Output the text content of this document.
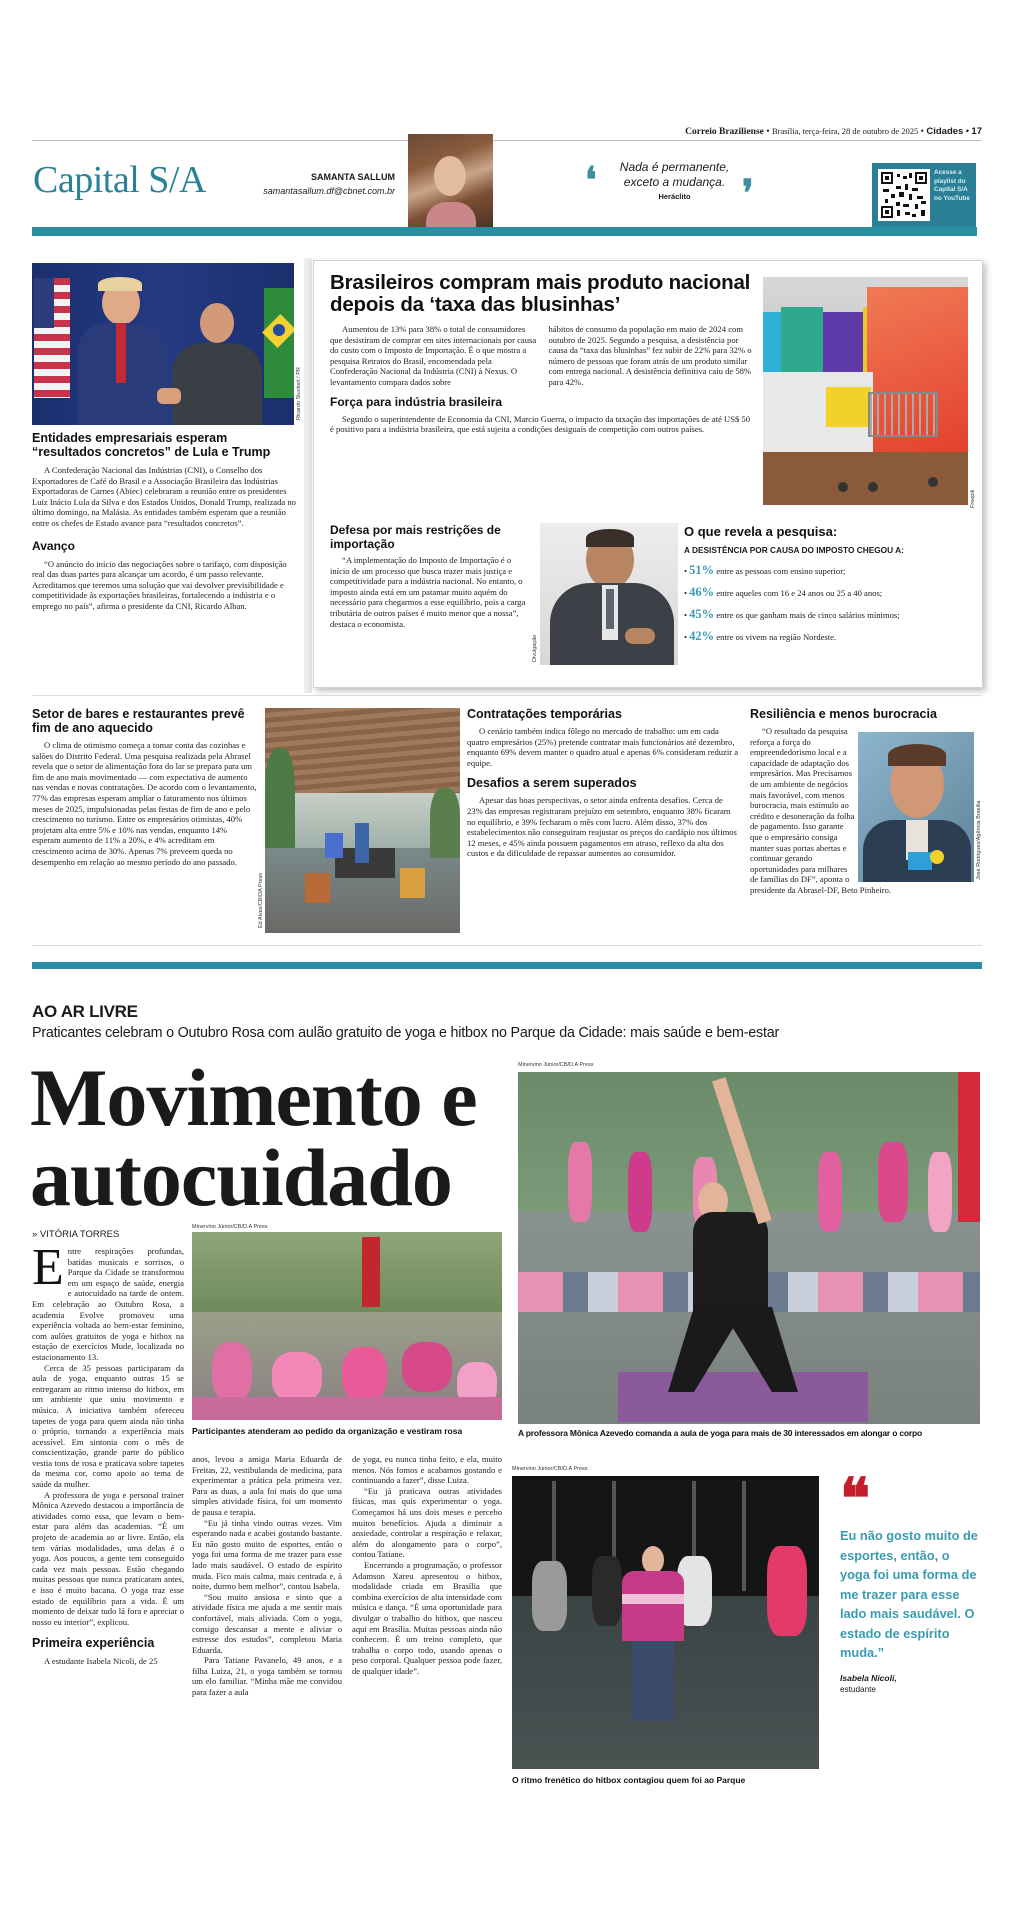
Correio Braziliense • Brasília, terça-feira, 28 de outubro de 2025 • Cidades • 17
Capital S/A	SAMANTA SALLUM
samantasallum.df@cbnet.com.br	❛ Nada é permanente,
exceto a mudança.
Heráclito ❜	Acesse a playlist do Capital S/A no YouTube
Ricardo Stuckert / PR
Entidades empresariais esperam “resultados concretos” de Lula e Trump

A Confederação Nacional das Indústrias (CNI), o Conselho dos Exportadores de Café do Brasil e a Associação Brasileira das Indústrias Exportadoras de Carnes (Abiec) celebraram a reunião entre os presidentes Luiz Inácio Lula da Silva e dos Estados Unidos, Donald Trump, realizada no último domingo, na Malásia. As entidades também esperam que a reunião entre os chefes de Estado avance para “resultados concretos”.

Avanço

“O anúncio do início das negociações sobre o tarifaço, com disposição real das duas partes para alcançar um acordo, é um passo relevante. Acreditamos que teremos uma solução que vai devolver previsibilidade e competitividade às exportações brasileiras, fortalecendo a indústria e o emprego no país”, afirma o presidente da CNI, Ricardo Alban.

Brasileiros compram mais produto nacional depois da ‘taxa das blusinhas’

Aumentou de 13% para 38% o total de consumidores que desistiram de comprar em sites internacionais por causa do custo com o Imposto de Importação. É o que mostra a pesquisa Retratos do Brasil, encomendada pela Confederação Nacional da Indústria (CNI) à Nexus. O levantamento compara dados sobre

hábitos de consumo da população em maio de 2024 com outubro de 2025. Segundo a pesquisa, a desistência por causa da “taxa das blusinhas” fez subir de 22% para 32% o número de pessoas que foram atrás de um produto similar com entrega nacional. A desistência definitiva caiu de 58% para 42%.
Força para indústria brasileira

Segundo o superintendente de Economia da CNI, Marcio Guerra, o impacto da taxação das importações de até US$ 50 é positivo para a indústria brasileira, que está sujeita a condições desiguais de competição com outros países.

Freepik
Defesa por mais restrições de importação

“A implementação do Imposto de Importação é o início de um processo que busca trazer mais justiça e competitividade para a indústria nacional. No entanto, o imposto ainda está em um patamar muito aquém do necessário para chegarmos a esse equilíbrio, pois a carga tributária de outros países é muito menor que a nossa”, destaca o economista.

Divulgação
O que revela a pesquisa:
A DESISTÊNCIA POR CAUSA DO IMPOSTO CHEGOU A:
• 51% entre as pessoas com ensino superior;
• 46% entre aqueles com 16 e 24 anos ou 25 a 40 anos;
• 45% entre os que ganham mais de cinco salários mínimos;
• 42% entre os vivem na região Nordeste.
Setor de bares e restaurantes prevê fim de ano aquecido

O clima de otimismo começa a tomar conta das cozinhas e salões do Distrito Federal. Uma pesquisa realizada pela Abrasel revela que o setor de alimentação fora do lar se prepara para um fim de ano mais movimentado — com expectativa de aumento nas vendas e novas contratações. De acordo com o levantamento, 77% das empresas esperam ampliar o faturamento nos últimos meses de 2025, impulsionadas pelas festas de fim de ano e pelo crescimento no turismo. Entre os empresários otimistas, 40% projetam alta entre 5% e 10% nas vendas, enquanto 14% esperam aumento de 11% a 20%, e 4% acreditam em crescimento acima de 30%. Apenas 7% preveem queda no desempenho em relação ao mesmo período do ano passado.

Ed Alves/CB/DA Press
Contratações temporárias

O cenário também indica fôlego no mercado de trabalho: um em cada quatro empresários (25%) pretende contratar mais funcionários até dezembro, enquanto 69% devem manter o quadro atual e apenas 6% consideram reduzir a equipe.

Desafios a serem superados

Apesar das boas perspectivas, o setor ainda enfrenta desafios. Cerca de 23% das empresas registraram prejuízo em setembro, enquanto 38% ficaram no equilíbrio, e 39% fecharam o mês com lucro. Além disso, 37% dos estabelecimentos não conseguiram reajustar os preços do cardápio nos últimos 12 meses, e 45% ainda possuem pagamentos em atraso, reflexo da alta dos custos e da dificuldade de repassar aumentos ao consumidor.

Resiliência e menos burocracia

“O resultado da pesquisa reforça a força do empreendedorismo local e a capacidade de adaptação dos empresários. Mas Precisamos de um ambiente de negócios mais favorável, com menos burocracia, mais estímulo ao crédito e desoneração da folha de pagamento. Isso garante que o empresário consiga manter suas portas abertas e continuar gerando oportunidades para milhares de famílias do DF”, aponta o presidente da Abrasel-DF, Beto Pinheiro.

José Rodrigues/Agência Brasília
AO AR LIVRE
Praticantes celebram o Outubro Rosa com aulão gratuito de yoga e hitbox no Parque da Cidade: mais saúde e bem-estar
Movimento e
autocuidado
» VITÓRIA TORRES
E ntre respirações profundas, batidas musicais e sorrisos, o Parque da Cidade se transformou em um espaço de saúde, energia e autocuidado na tarde de ontem. Em celebração ao Outubro Rosa, a academia Evolve promoveu uma experiência voltada ao bem-estar feminino, com aulões gratuitos de yoga e hitbox na estação de exercícios Mude, localizada no estacionamento 13.

Cerca de 35 pessoas participaram da aula de yoga, enquanto outras 15 se entregaram ao ritmo intenso do hitbox, em um ambiente que uniu movimento e música. A iniciativa também ofereceu tapetes de yoga para quem ainda não tinha o próprio, tornando a experiência mais acessível. Em sintonia com o mês de conscientização, grande parte do público vestia tons de rosa e praticava sobre tapetes da mesma cor, como apoio ao tema de saúde da mulher.

A professora de yoga e personal trainer Mônica Azevedo destacou a importância de atividades como essa, que levam o bem-estar para além das academias. “É um projeto de academia ao ar livre. Então, ela tem várias modalidades, uma delas é o yoga. Aos poucos, a gente tem conseguido cada vez mais pessoas. Estão chegando muitas pessoas que nunca praticaram antes, e isso é muito bacana. O yoga traz esse estado de equilíbrio para a vida. É um momento de deixar tudo lá fora e apreciar o nosso eu interior”, explicou.

Primeira experiência

A estudante Isabela Nicoli, de 25

Minervino Júnior/CB/D.A Press
Participantes atenderam ao pedido da organização e vestiram rosa
Minervino Júnior/CB/D.A Press
A professora Mônica Azevedo comanda a aula de yoga para mais de 30 interessados em alongar o corpo
anos, levou a amiga Maria Eduarda de Freitas, 22, vestibulanda de medicina, para experimentar a prática pela primeira vez. Para as duas, a aula foi mais do que uma simples atividade física, foi um momento de pausa e terapia.

“Eu já tinha vindo outras vezes. Vim esperando nada e acabei gostando bastante. Eu não gosto muito de esportes, então o yoga foi uma forma de me trazer para esse lado mais saudável. O estado de espírito muda. Fico mais calma, mais centrada e, à noite, durmo bem melhor”, contou Isabela.

“Sou muito ansiosa e sinto que a atividade física me ajuda a me sentir mais confortável, mais aliviada. Com o yoga, consigo descansar a mente e aliviar o estresse dos estudos”, completou Maria Eduarda.

Para Tatiane Pavanelo, 49 anos, e a filha Luiza, 21, o yoga também se tornou um elo familiar. “Minha mãe me convidou para fazer a aula

de yoga, eu nunca tinha feito, e ela, muito menos. Nós fomos e acabamos gostando e continuando a fazer”, disse Luiza.

“Eu já praticava outras atividades físicas, mas quis experimentar o yoga. Começamos há uns dois meses e percebo muitos benefícios. Ajuda a diminuir a ansiedade, controlar a respiração e relaxar, além do alongamento para o corpo”, contou Tatiane.

Encerrando a programação, o professor Adamson Xareu apresentou o hitbox, modalidade criada em Brasília que combina exercícios de alta intensidade com música e dança. “É uma oportunidade para divulgar o trabalho do hitbox, que nasceu aqui em Brasília. Muitas pessoas ainda não conhecem. É um treino completo, que trabalha o corpo todo, usando apenas o peso corporal. Qualquer pessoa pode fazer, de qualquer idade”.

Minervino Júnior/CB/D.A Press
O ritmo frenético do hitbox contagiou quem foi ao Parque
❝
Eu não gosto muito de esportes, então, o yoga foi uma forma de me trazer para esse lado mais saudável. O estado de espírito muda.”
Isabela Nicoli,
estudante
